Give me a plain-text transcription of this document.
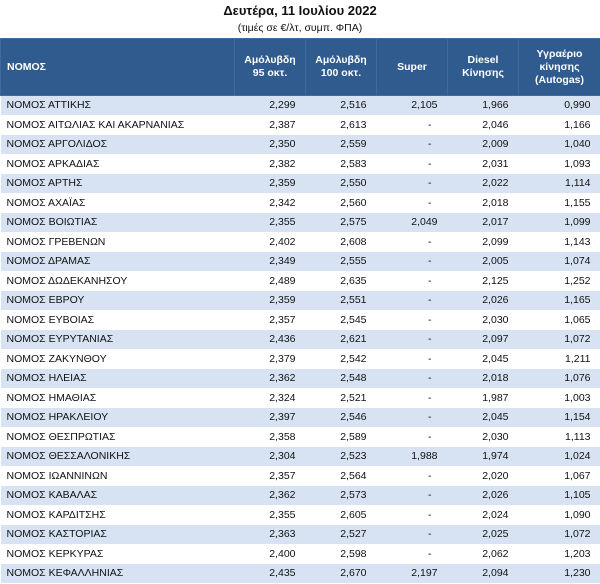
Δευτέρα, 11 Ιουλίου 2022
(τιμές σε €/λτ, συμπ. ΦΠΑ)
ΝΟΜΟΣ	Αμόλυβδη 95 οκτ.	Αμόλυβδη 100 οκτ.	Super	Diesel Κίνησης	Υγραέριο κίνησης (Autogas)
ΝΟΜΟΣ ΑΤΤΙΚΗΣ	2,299	2,516	2,105	1,966	0,990
ΝΟΜΟΣ ΑΙΤΩΛΙΑΣ ΚΑΙ ΑΚΑΡΝΑΝΙΑΣ	2,387	2,613	-	2,046	1,166
ΝΟΜΟΣ ΑΡΓΟΛΙΔΟΣ	2,350	2,559	-	2,009	1,040
ΝΟΜΟΣ ΑΡΚΑΔΙΑΣ	2,382	2,583	-	2,031	1,093
ΝΟΜΟΣ ΑΡΤΗΣ	2,359	2,550	-	2,022	1,114
ΝΟΜΟΣ ΑΧΑΪΑΣ	2,342	2,560	-	2,018	1,155
ΝΟΜΟΣ ΒΟΙΩΤΙΑΣ	2,355	2,575	2,049	2,017	1,099
ΝΟΜΟΣ ΓΡΕΒΕΝΩΝ	2,402	2,608	-	2,099	1,143
ΝΟΜΟΣ ΔΡΑΜΑΣ	2,349	2,555	-	2,005	1,074
ΝΟΜΟΣ ΔΩΔΕΚΑΝΗΣΟΥ	2,489	2,635	-	2,125	1,252
ΝΟΜΟΣ ΕΒΡΟΥ	2,359	2,551	-	2,026	1,165
ΝΟΜΟΣ ΕΥΒΟΙΑΣ	2,357	2,545	-	2,030	1,065
ΝΟΜΟΣ ΕΥΡΥΤΑΝΙΑΣ	2,436	2,621	-	2,097	1,072
ΝΟΜΟΣ ΖΑΚΥΝΘΟΥ	2,379	2,542	-	2,045	1,211
ΝΟΜΟΣ ΗΛΕΙΑΣ	2,362	2,548	-	2,018	1,076
ΝΟΜΟΣ ΗΜΑΘΙΑΣ	2,324	2,521	-	1,987	1,003
ΝΟΜΟΣ ΗΡΑΚΛΕΙΟΥ	2,397	2,546	-	2,045	1,154
ΝΟΜΟΣ ΘΕΣΠΡΩΤΙΑΣ	2,358	2,589	-	2,030	1,113
ΝΟΜΟΣ ΘΕΣΣΑΛΟΝΙΚΗΣ	2,304	2,523	1,988	1,974	1,024
ΝΟΜΟΣ ΙΩΑΝΝΙΝΩΝ	2,357	2,564	-	2,020	1,067
ΝΟΜΟΣ ΚΑΒΑΛΑΣ	2,362	2,573	-	2,026	1,105
ΝΟΜΟΣ ΚΑΡΔΙΤΣΗΣ	2,355	2,605	-	2,024	1,090
ΝΟΜΟΣ ΚΑΣΤΟΡΙΑΣ	2,363	2,527	-	2,025	1,072
ΝΟΜΟΣ ΚΕΡΚΥΡΑΣ	2,400	2,598	-	2,062	1,203
ΝΟΜΟΣ ΚΕΦΑΛΛΗΝΙΑΣ	2,435	2,670	2,197	2,094	1,230
